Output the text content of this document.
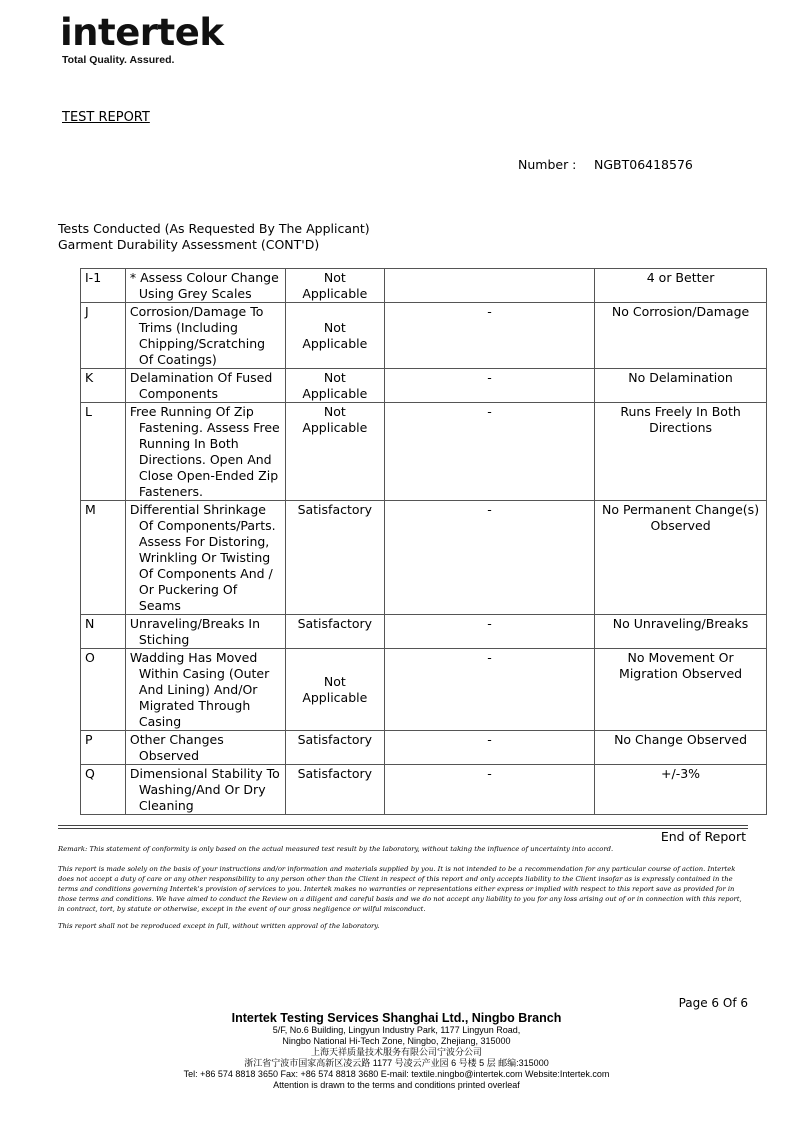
intertek
Total Quality. Assured.
TEST REPORT
Number : NGBT06418576
Tests Conducted (As Requested By The Applicant)
Garment Durability Assessment (CONT'D)
I-1	* Assess Colour Change Using Grey Scales	Not Applicable		4 or Better
J	Corrosion/Damage To Trims (Including Chipping/Scratching Of Coatings)	Not Applicable	-	No Corrosion/Damage
K	Delamination Of Fused Components	Not Applicable	-	No Delamination
L	Free Running Of Zip Fastening. Assess Free Running In Both Directions. Open And Close Open-Ended Zip Fasteners.	Not Applicable	-	Runs Freely In Both Directions
M	Differential Shrinkage Of Components/Parts. Assess For Distoring, Wrinkling Or Twisting Of Components And / Or Puckering Of Seams	Satisfactory	-	No Permanent Change(s) Observed
N	Unraveling/Breaks In Stiching	Satisfactory	-	No Unraveling/Breaks
O	Wadding Has Moved Within Casing (Outer And Lining) And/Or Migrated Through Casing	Not Applicable	-	No Movement Or Migration Observed
P	Other Changes Observed	Satisfactory	-	No Change Observed
Q	Dimensional Stability To Washing/And Or Dry Cleaning	Satisfactory	-	+/-3%
End of Report
Remark: This statement of conformity is only based on the actual measured test result by the laboratory, without taking the influence of uncertainty into accord.
This report is made solely on the basis of your instructions and/or information and materials supplied by you. It is not intended to be a recommendation for any particular course of action. Intertek does not accept a duty of care or any other responsibility to any person other than the Client in respect of this report and only accepts liability to the Client insofar as is expressly contained in the terms and conditions governing Intertek's provision of services to you. Intertek makes no warranties or representations either express or implied with respect to this report save as provided for in those terms and conditions. We have aimed to conduct the Review on a diligent and careful basis and we do not accept any liability to you for any loss arising out of or in connection with this report, in contract, tort, by statute or otherwise, except in the event of our gross negligence or wilful misconduct.
This report shall not be reproduced except in full, without written approval of the laboratory.
Page 6 Of 6
Intertek Testing Services Shanghai Ltd., Ningbo Branch
5/F, No.6 Building, Lingyun Industry Park, 1177 Lingyun Road,
Ningbo National Hi-Tech Zone, Ningbo, Zhejiang, 315000
上海天祥质量技术服务有限公司宁波分公司
浙江省宁波市国家高新区凌云路 1177 号凌云产业园 6 号楼 5 层 邮编:315000
Tel: +86 574 8818 3650 Fax: +86 574 8818 3680 E-mail: textile.ningbo@intertek.com Website:Intertek.com
Attention is drawn to the terms and conditions printed overleaf
